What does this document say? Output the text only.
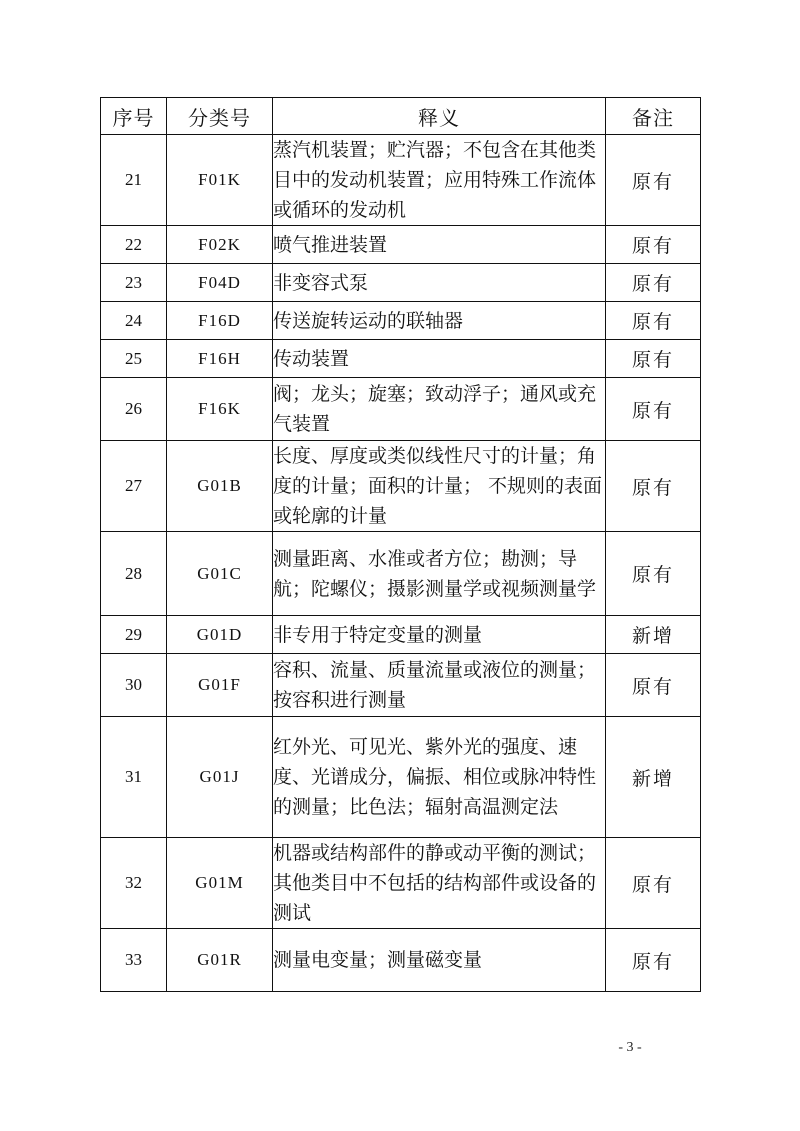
序号	分类号	释义	备注
21	F01K	蒸汽机装置；贮汽器；不包含在其他类目中的发动机装置；应用特殊工作流体或循环的发动机	原有
22	F02K	喷气推进装置	原有
23	F04D	非变容式泵	原有
24	F16D	传送旋转运动的联轴器	原有
25	F16H	传动装置	原有
26	F16K	阀；龙头；旋塞；致动浮子；通风或充气装置	原有
27	G01B	长度、厚度或类似线性尺寸的计量；角度的计量；面积的计量； 不规则的表面或轮廓的计量	原有
28	G01C	测量距离、水准或者方位；勘测；导航；陀螺仪；摄影测量学或视频测量学	原有
29	G01D	非专用于特定变量的测量	新增
30	G01F	容积、流量、质量流量或液位的测量；按容积进行测量	原有
31	G01J	红外光、可见光、紫外光的强度、速度、光谱成分，偏振、相位或脉冲特性的测量；比色法；辐射高温测定法	新增
32	G01M	机器或结构部件的静或动平衡的测试；其他类目中不包括的结构部件或设备的测试	原有
33	G01R	测量电变量；测量磁变量	原有
- 3 -
